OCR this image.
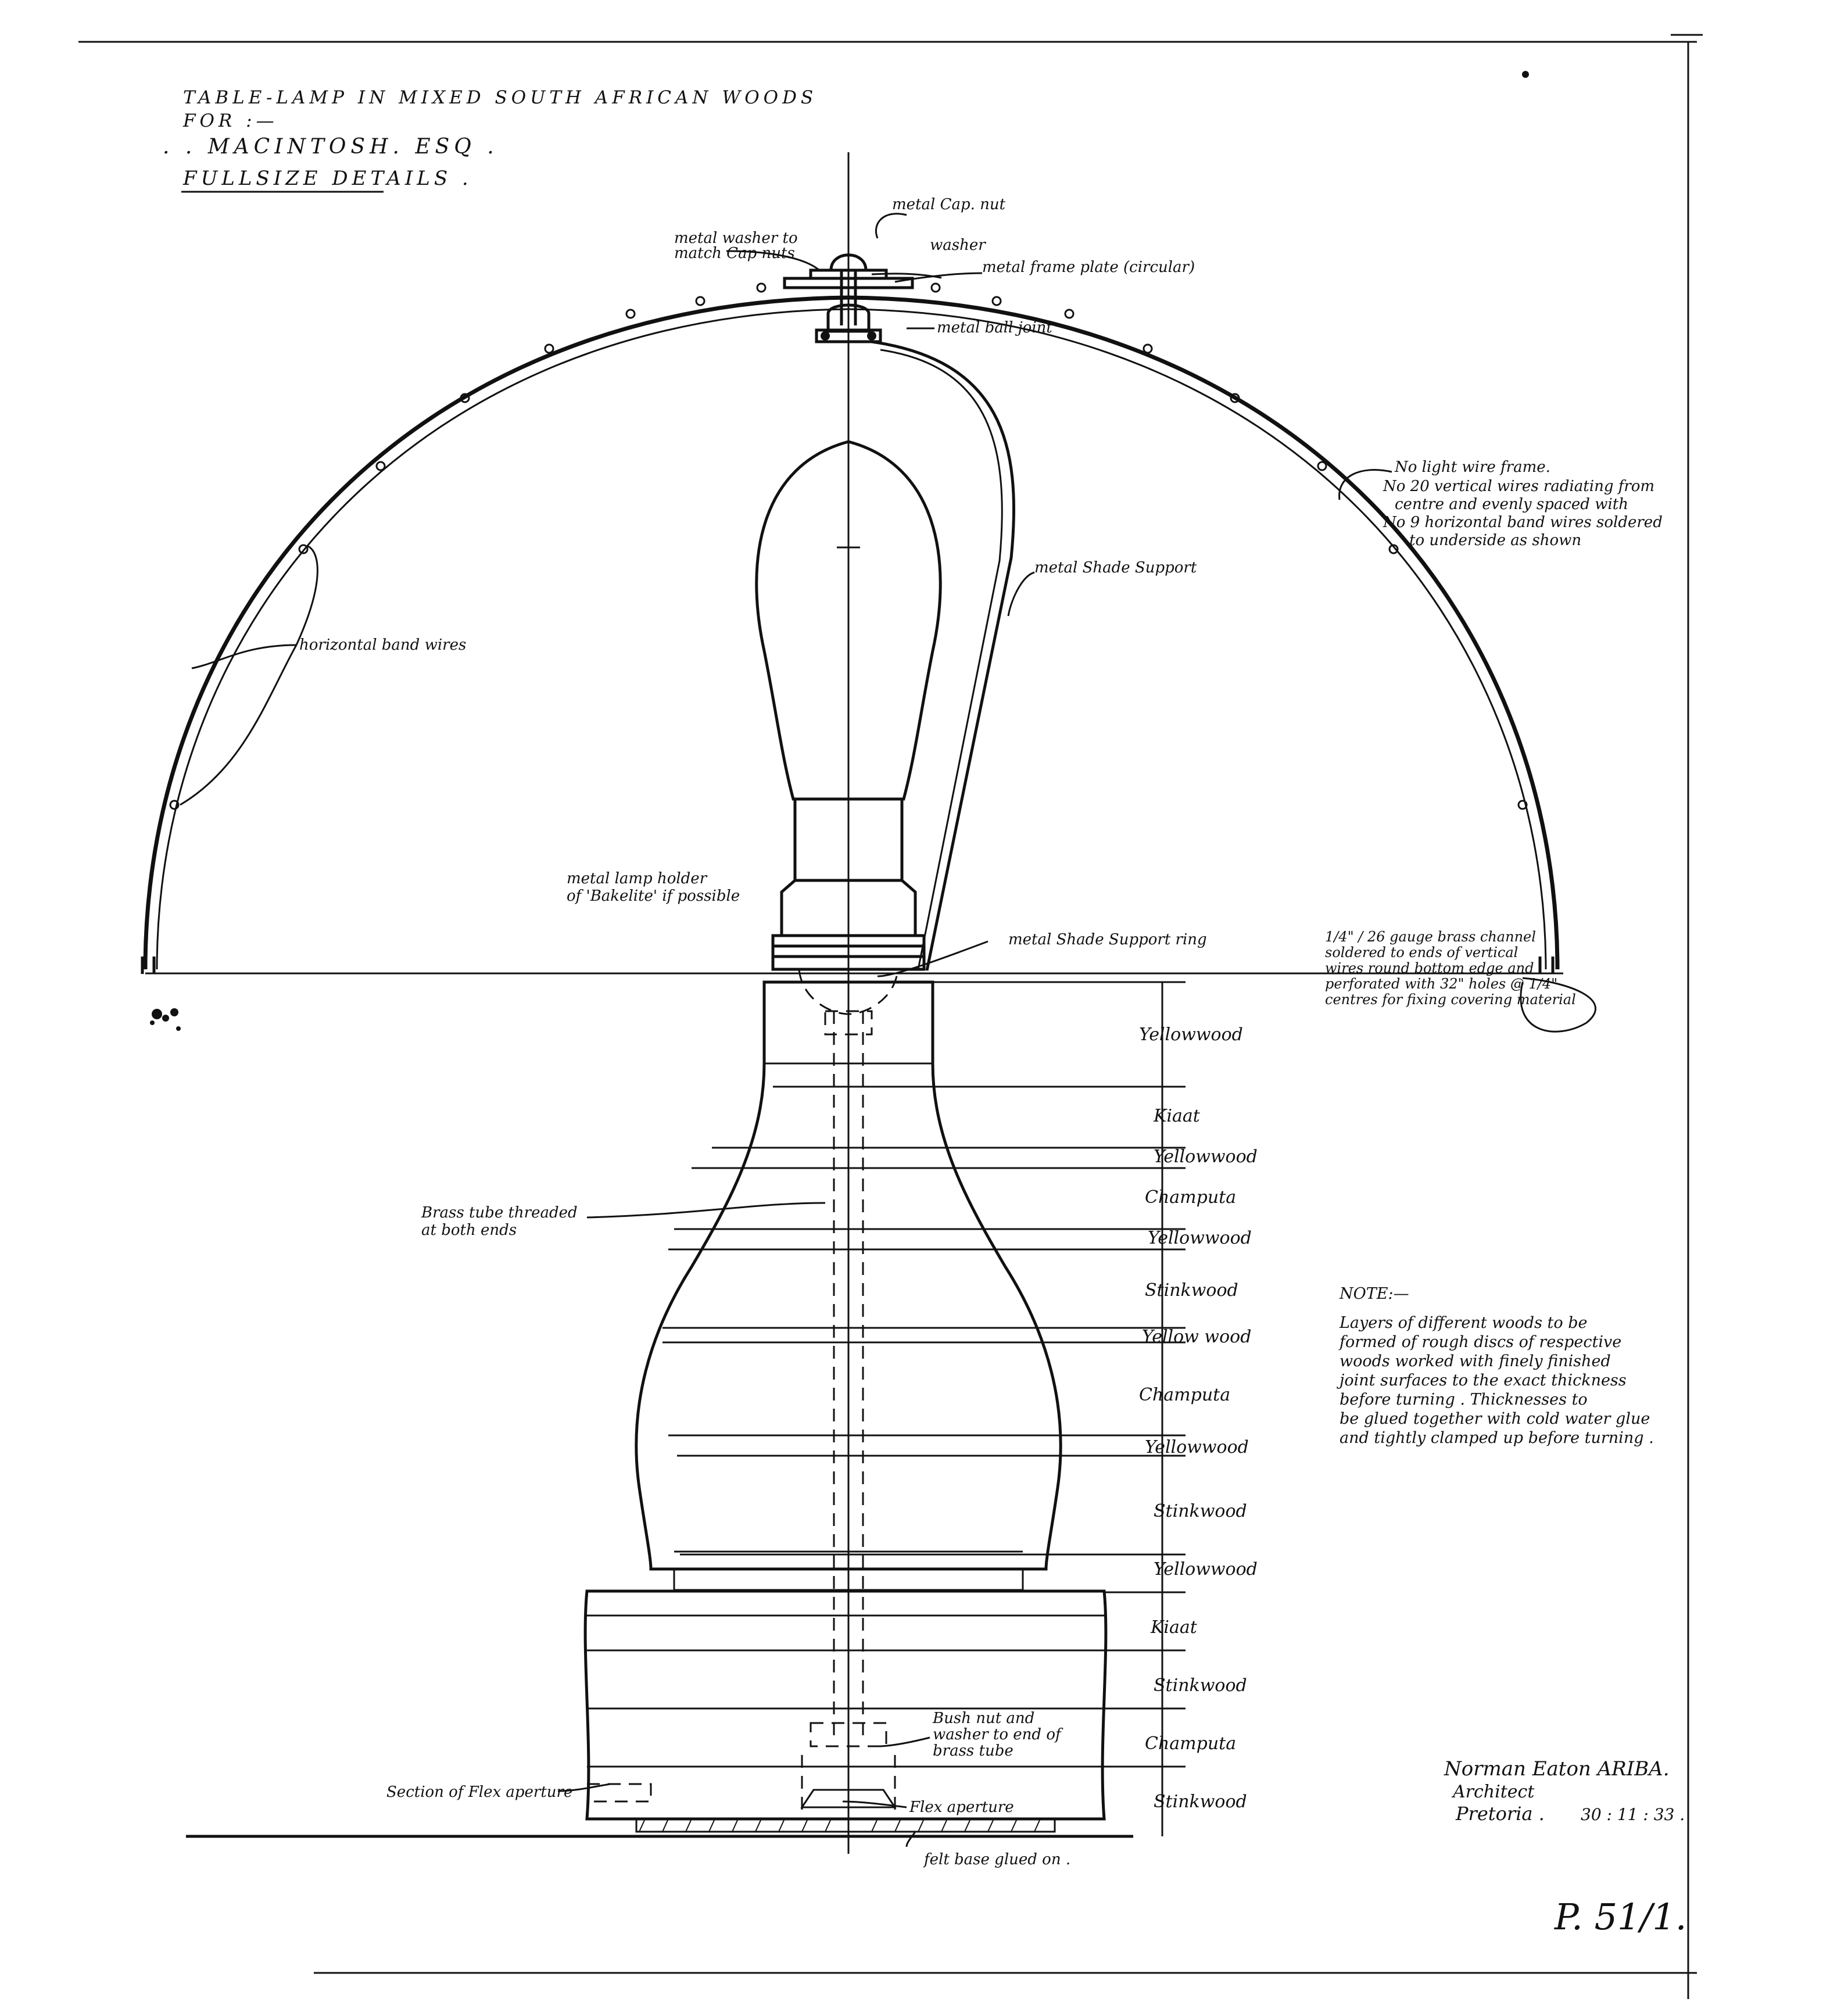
TABLE-LAMP IN MIXED SOUTH AFRICAN WOODS
FOR :—
. . MACINTOSH. ESQ .
FULLSIZE DETAILS .
Yellowwood
Kiaat
Yellowwood
Champuta
Yellowwood
Stinkwood
Yellow wood
Champuta
Yellowwood
Stinkwood
Yellowwood
Kiaat
Stinkwood
Champuta
Stinkwood
metal Cap. nut
metal washer to
match Cap nuts	washer
metal frame plate (circular)
metal ball joint
No light wire frame.
No 20 vertical wires radiating from
centre and evenly spaced with
No 9 horizontal band wires soldered
to underside as shown
metal Shade Support
horizontal band wires
metal lamp holder
of 'Bakelite' if possible
metal Shade Support ring	1/4" / 26 gauge brass channel
soldered to ends of vertical
wires round bottom edge and
perforated with 32" holes @ 1/4"
centres for fixing covering material
Brass tube threaded
at both ends
Bush nut and
washer to end of
brass tube
Section of Flex aperture
Flex aperture
felt base glued on .
NOTE:—
Layers of different woods to be
formed of rough discs of respective
woods worked with finely finished
joint surfaces to the exact thickness
before turning . Thicknesses to
be glued together with cold water glue
and tightly clamped up before turning .
Norman Eaton ARIBA.
Architect
Pretoria . 30 : 11 : 33 .
P. 51/1.
